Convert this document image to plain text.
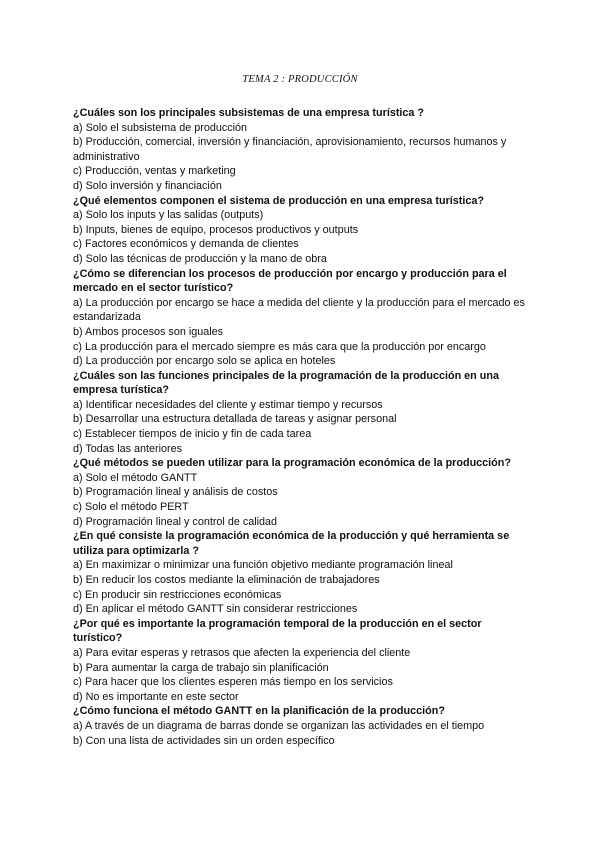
TEMA 2 : PRODUCCIÓN

¿Cuáles son los principales subsistemas de una empresa turística ?

a) Solo el subsistema de producción

b) Producción, comercial, inversión y financiación, aprovisionamiento, recursos humanos y administrativo

c) Producción, ventas y marketing

d) Solo inversión y financiación

¿Qué elementos componen el sistema de producción en una empresa turística?

a) Solo los inputs y las salidas (outputs)

b) Inputs, bienes de equipo, procesos productivos y outputs

c) Factores económicos y demanda de clientes

d) Solo las técnicas de producción y la mano de obra

¿Cómo se diferencian los procesos de producción por encargo y producción para el mercado en el sector turístico?

a) La producción por encargo se hace a medida del cliente y la producción para el mercado es estandarizada

b) Ambos procesos son iguales

c) La producción para el mercado siempre es más cara que la producción por encargo

d) La producción por encargo solo se aplica en hoteles

¿Cuáles son las funciones principales de la programación de la producción en una empresa turística?

a) Identificar necesidades del cliente y estimar tiempo y recursos

b) Desarrollar una estructura detallada de tareas y asignar personal

c) Establecer tiempos de inicio y fin de cada tarea

d) Todas las anteriores

¿Qué métodos se pueden utilizar para la programación económica de la producción?

a) Solo el método GANTT

b) Programación lineal y análisis de costos

c) Solo el método PERT

d) Programación lineal y control de calidad

¿En qué consiste la programación económica de la producción y qué herramienta se utiliza para optimizarla ?

a) En maximizar o minimizar una función objetivo mediante programación lineal

b) En reducir los costos mediante la eliminación de trabajadores

c) En producir sin restricciones económicas

d) En aplicar el método GANTT sin considerar restricciones

¿Por qué es importante la programación temporal de la producción en el sector turístico?

a) Para evitar esperas y retrasos que afecten la experiencia del cliente

b) Para aumentar la carga de trabajo sin planificación

c) Para hacer que los clientes esperen más tiempo en los servicios

d) No es importante en este sector

¿Cómo funciona el método GANTT en la planificación de la producción?

a) A través de un diagrama de barras donde se organizan las actividades en el tiempo

b) Con una lista de actividades sin un orden específico
